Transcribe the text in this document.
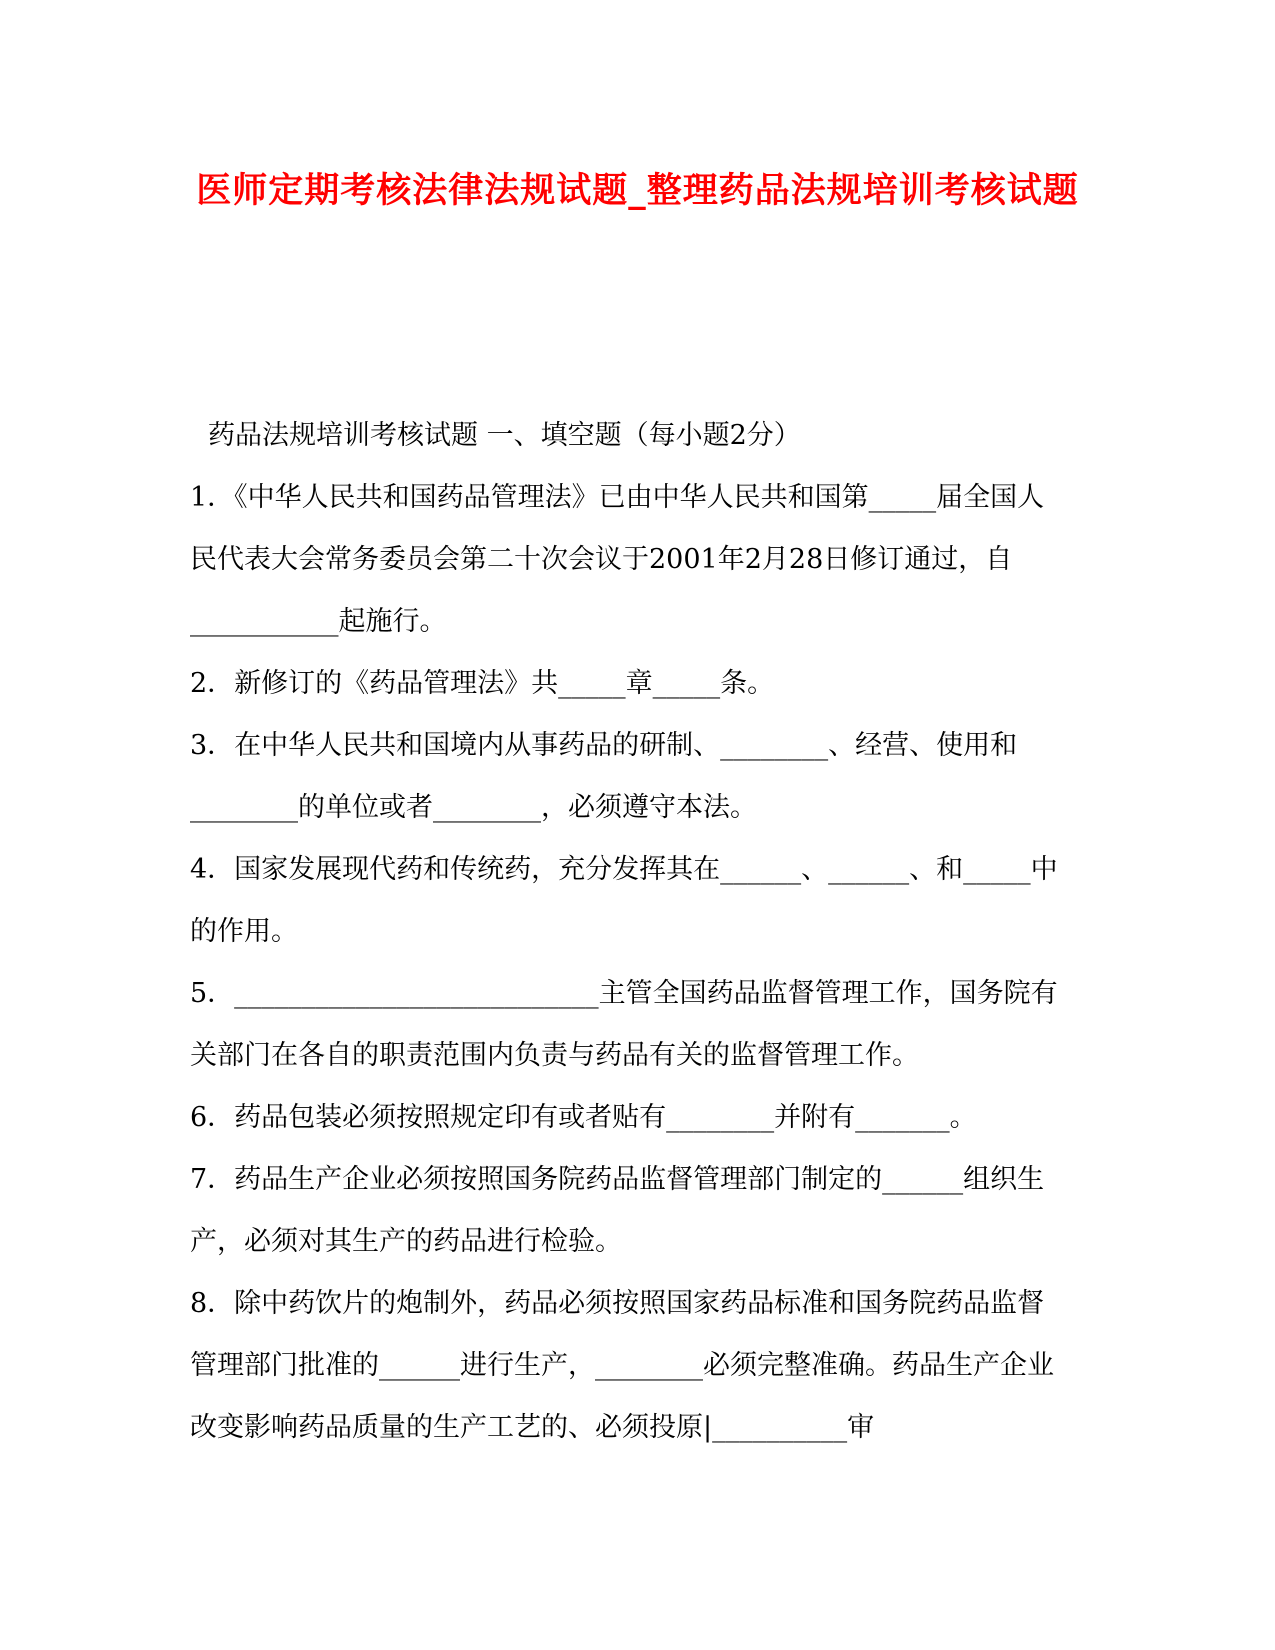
医师定期考核法律法规试题_整理药品法规培训考核试题

药品法规培训考核试题 一、填空题（每小题2分）

1．《中华人民共和国药品管理法》已由中华人民共和国第_____届全国人民代表大会常务委员会第二十次会议于2001年2月28日修订通过，自___________起施行。

2．新修订的《药品管理法》共_____章_____条。

3．在中华人民共和国境内从事药品的研制、________、经营、使用和________的单位或者________，必须遵守本法。

4．国家发展现代药和传统药，充分发挥其在______、______、和_____中的作用。

5．___________________________主管全国药品监督管理工作，国务院有关部门在各自的职责范围内负责与药品有关的监督管理工作。

6．药品包装必须按照规定印有或者贴有________并附有_______。

7．药品生产企业必须按照国务院药品监督管理部门制定的______组织生产，必须对其生产的药品进行检验。

8．除中药饮片的炮制外，药品必须按照国家药品标准和国务院药品监督管理部门批准的______进行生产，________必须完整准确。药品生产企业改变影响药品质量的生产工艺的、必须投原|__________审
